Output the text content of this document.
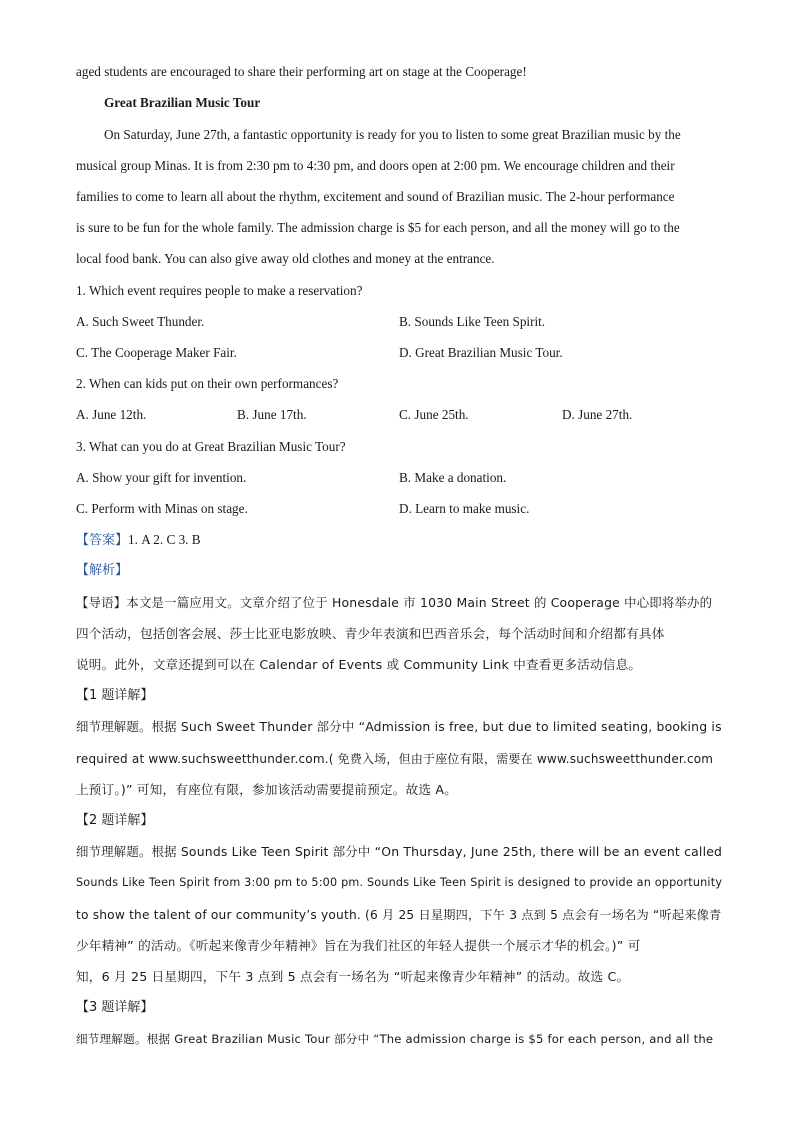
aged students are encouraged to share their performing art on stage at the Cooperage!
Great Brazilian Music Tour
On Saturday, June 27th, a fantastic opportunity is ready for you to listen to some great Brazilian music by the
musical group Minas. It is from 2:30 pm to 4:30 pm, and doors open at 2:00 pm. We encourage children and their
families to come to learn all about the rhythm, excitement and sound of Brazilian music. The 2-hour performance
is sure to be fun for the whole family. The admission charge is $5 for each person, and all the money will go to the
local food bank. You can also give away old clothes and money at the entrance.
1. Which event requires people to make a reservation?
A. Such Sweet Thunder.	B. Sounds Like Teen Spirit.
C. The Cooperage Maker Fair.	D. Great Brazilian Music Tour.
2. When can kids put on their own performances?
A. June 12th.	B. June 17th.	C. June 25th.	D. June 27th.
3. What can you do at Great Brazilian Music Tour?
A. Show your gift for invention.	B. Make a donation.
C. Perform with Minas on stage.	D. Learn to make music.
【答案】1. A 2. C 3. B
【解析】
【导语】本文是一篇应用文。文章介绍了位于 Honesdale 市 1030 Main Street 的 Cooperage 中心即将举办的
四个活动，包括创客会展、莎士比亚电影放映、青少年表演和巴西音乐会，每个活动时间和介绍都有具体
说明。此外，文章还提到可以在 Calendar of Events 或 Community Link 中查看更多活动信息。
【1 题详解】
细节理解题。根据 Such Sweet Thunder 部分中 “Admission is free, but due to limited seating, booking is
required at www.suchsweetthunder.com.( 免费入场，但由于座位有限，需要在 www.suchsweetthunder.com
上预订。)” 可知，有座位有限，参加该活动需要提前预定。故选 A。
【2 题详解】
细节理解题。根据 Sounds Like Teen Spirit 部分中 “On Thursday, June 25th, there will be an event called
Sounds Like Teen Spirit from 3:00 pm to 5:00 pm. Sounds Like Teen Spirit is designed to provide an opportunity
to show the talent of our community’s youth. (6 月 25 日星期四，下午 3 点到 5 点会有一场名为 “听起来像青
少年精神” 的活动。《听起来像青少年精神》旨在为我们社区的年轻人提供一个展示才华的机会。)” 可
知，6 月 25 日星期四，下午 3 点到 5 点会有一场名为 “听起来像青少年精神” 的活动。故选 C。
【3 题详解】
细节理解题。根据 Great Brazilian Music Tour 部分中 “The admission charge is $5 for each person, and all the
